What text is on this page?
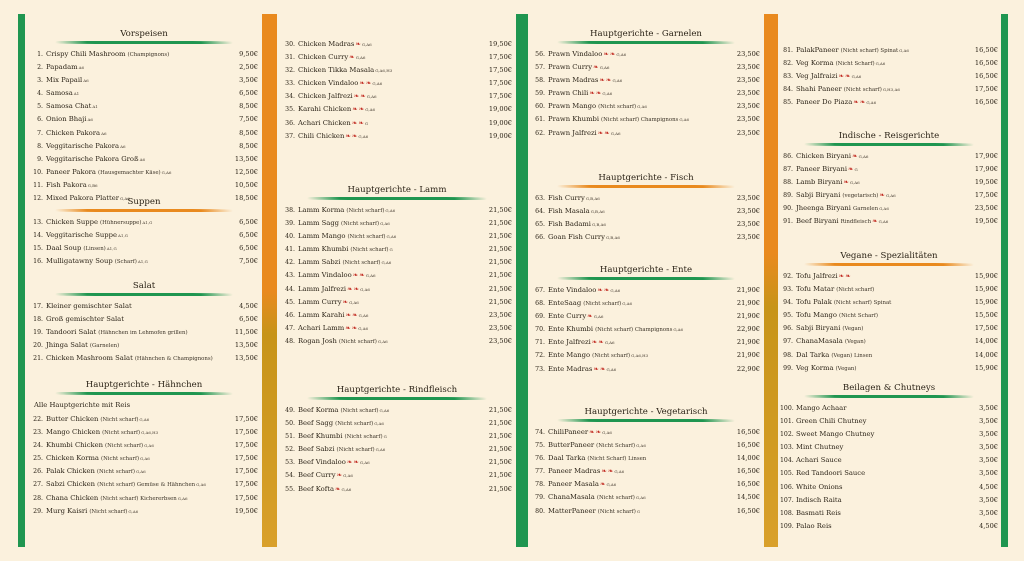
Vorspeisen
1. Crispy Chili Mashroom (Champignons)	9,50€
2. Papadam A6	2,50€
3. Mix Papail A6	3,50€
4. Samosa A1	6,50€
5. Samosa Chat A1	8,50€
6. Onion Bhaji A6	7,50€
7. Chicken Pakora A6	8,50€
8. Veggitarische Pakora A6	8,50€
9. Veggitarische Pakora Groß A6	13,50€
10. Paneer Pakora (Hausgemachter Käse) G,A6	12,50€
11. Fish Pakora G,B6	10,50€
12. Mixed Pakora Platter G,A6	18,50€
Suppen
13. Chicken Suppe (Hühnersuppe) A1,G	6,50€
14. Veggitarische Suppe A1,G	6,50€
15. Daal Soup (Linsen) A1,G	6,50€
16. Mulligatawny Soup (Scharf) A1,G	7,50€
Salat
17. Kleiner gemischter Salat	4,50€
18. Groß gemischter Salat	6,50€
19. Tandoori Salat (Hähnchen im Lehmofen grillen)	11,50€
20. Jhinga Salat (Garnelen)	13,50€
21. Chicken Mashroom Salat (Hähnchen & Champignons)	13,50€
Hauptgerichte - Hähnchen
Alle Hauptgerichte mit Reis
22. Butter Chicken (Nicht scharf) G,A6	17,50€
23. Mango Chicken (Nicht scharf) G,A6,H3	17,50€
24. Khumbi Chicken (Nicht scharf) G,A6	17,50€
25. Chicken Korma (Nicht scharf) G,A6	17,50€
26. Palak Chicken (Nicht scharf) G,A6	17,50€
27. Sabzi Chicken (Nicht scharf) Gemüse & Hähnchen G,A6	17,50€
28. Chana Chicken (Nicht scharf) Kichererbsen G,A6	17,50€
29. Murg Kaisri (Nicht scharf) G,A6	19,50€
30. Chicken Madras ❧ G,A6	19,50€
31. Chicken Curry ❧ G,A6	17,50€
32. Chicken Tikka Masala G,A6,H3	17,50€
33. Chicken Vindaloo ❧ ❧ G,A6	17,50€
34. Chicken Jalfrezi ❧ ❧ G,A6	17,50€
35. Karahi Chicken ❧ ❧ G,A6	19,00€
36. Achari Chicken ❧ ❧ G	19,00€
37. Chili Chicken ❧ ❧ G,A6	19,00€
Hauptgerichte - Lamm
38. Lamm Korma (Nicht scharf) G,A6	21,50€
39. Lamm Sagg (Nicht scharf) G,A6	21,50€
40. Lamm Mango (Nicht scharf) G,A6	21,50€
41. Lamm Khumbi (Nicht scharf) G	21,50€
42. Lamm Sabzi (Nicht scharf) G,A6	21,50€
43. Lamm Vindaloo ❧ ❧ G,A6	21,50€
44. Lamm Jalfrezi ❧ ❧ G,A6	21,50€
45. Lamm Curry ❧ G,A6	21,50€
46. Lamm Karahi ❧ ❧ G,A6	23,50€
47. Achari Lamm ❧ ❧ G,A6	23,50€
48. Rogan Josh (Nicht scharf) G,A6	23,50€
Hauptgerichte - Rindfleisch
49. Beef Korma (Nicht scharf) G,A6	21,50€
50. Beef Sagg (Nicht scharf) G,A6	21,50€
51. Beef Khumbi (Nicht scharf) G	21,50€
52. Beef Sabzi (Nicht scharf) G,A6	21,50€
53. Beef Vindaloo ❧ ❧ G,A6	21,50€
54. Beef Curry ❧ G,A6	21,50€
55. Beef Kofta ❧ G,A6	21,50€
Hauptgerichte - Garnelen
56. Prawn Vindaloo ❧ ❧ G,A6	23,50€
57. Prawn Curry ❧ G,A6	23,50€
58. Prawn Madras ❧ ❧ G,A6	23,50€
59. Prawn Chili ❧ ❧ G,A6	23,50€
60. Prawn Mango (Nicht scharf) G,A6	23,50€
61. Prawn Khumbi (Nicht scharf) Champignons G,A6	23,50€
62. Prawn Jalfrezi ❧ ❧ G,A6	23,50€
Hauptgerichte - Fisch
63. Fish Curry G,B,A6	23,50€
64. Fish Masala G,B,A6	23,50€
65. Fish Badami G,B,A6	23,50€
66. Goan Fish Curry G,B,A6	23,50€
Hauptgerichte - Ente
67. Ente Vindaloo ❧ ❧ G,A6	21,90€
68. EnteSaag (Nicht scharf) G,A6	21,90€
69. Ente Curry ❧ G,A6	21,90€
70. Ente Khumbi (Nicht scharf) Champignons G,A6	22,90€
71. Ente Jalfrezi ❧ ❧ G,A6	21,90€
72. Ente Mango (Nicht scharf) G,A6,H3	21,90€
73. Ente Madras ❧ ❧ G,A6	22,90€
Hauptgerichte - Vegetarisch
74. ChiliPaneer ❧ ❧ G,A6	16,50€
75. ButterPaneer (Nicht Scharf) G,A6	16,50€
76. Daal Tarka (Nicht Scharf) Linsen	14,00€
77. Paneer Madras ❧ ❧ G,A6	16,50€
78. Paneer Masala ❧ G,A6	16,50€
79. ChanaMasala (Nicht scharf) G,A6	14,50€
80. MatterPaneer (Nicht scharf) G	16,50€
81. PalakPaneer (Nicht scharf) Spinat G,A6	16,50€
82. Veg Korma (Nicht Scharf) G,A6	16,50€
83. Veg Jalfraizi ❧ ❧ G,A6	16,50€
84. Shahi Paneer (Nicht scharf) G,H3,A6	17,50€
85. Paneer Do Piaza ❧ ❧ G,A6	16,50€
Indische - Reisgerichte
86. Chicken Biryani ❧ G,A6	17,90€
87. Paneer Biryani ❧ G	17,90€
88. Lamb Biryani ❧ G,A6	19,50€
89. Sabji Biryani (vegetarisch) ❧ G,A6	17,50€
90. Jheenga Biryani Garnelen G,A6	23,50€
91. Beef Biryani Rindfleisch ❧ G,A6	19,50€
Vegane - Spezialitäten
92. Tofu Jalfrezi ❧ ❧	15,90€
93. Tofu Matar (Nicht scharf)	15,90€
94. Tofu Palak (Nicht scharf) Spinat	15,90€
95. Tofu Mango (Nicht Scharf)	15,50€
96. Sabji Biryani (Vegan)	17,50€
97. ChanaMasala (Vegan)	14,00€
98. Dal Tarka (Vegan) Linsen	14,00€
99. Veg Korma (Vegan)	15,90€
Beilagen & Chutneys
100. Mango Achaar	3,50€
101. Green Chili Chutney	3,50€
102. Sweet Mango Chutney	3,50€
103. Mint Chutney	3,50€
104. Achari Sauce	3,50€
105. Red Tandoori Sauce	3,50€
106. White Onions	4,50€
107. Indisch Raita	3,50€
108. Basmati Reis	3,50€
109. Palao Reis	4,50€
